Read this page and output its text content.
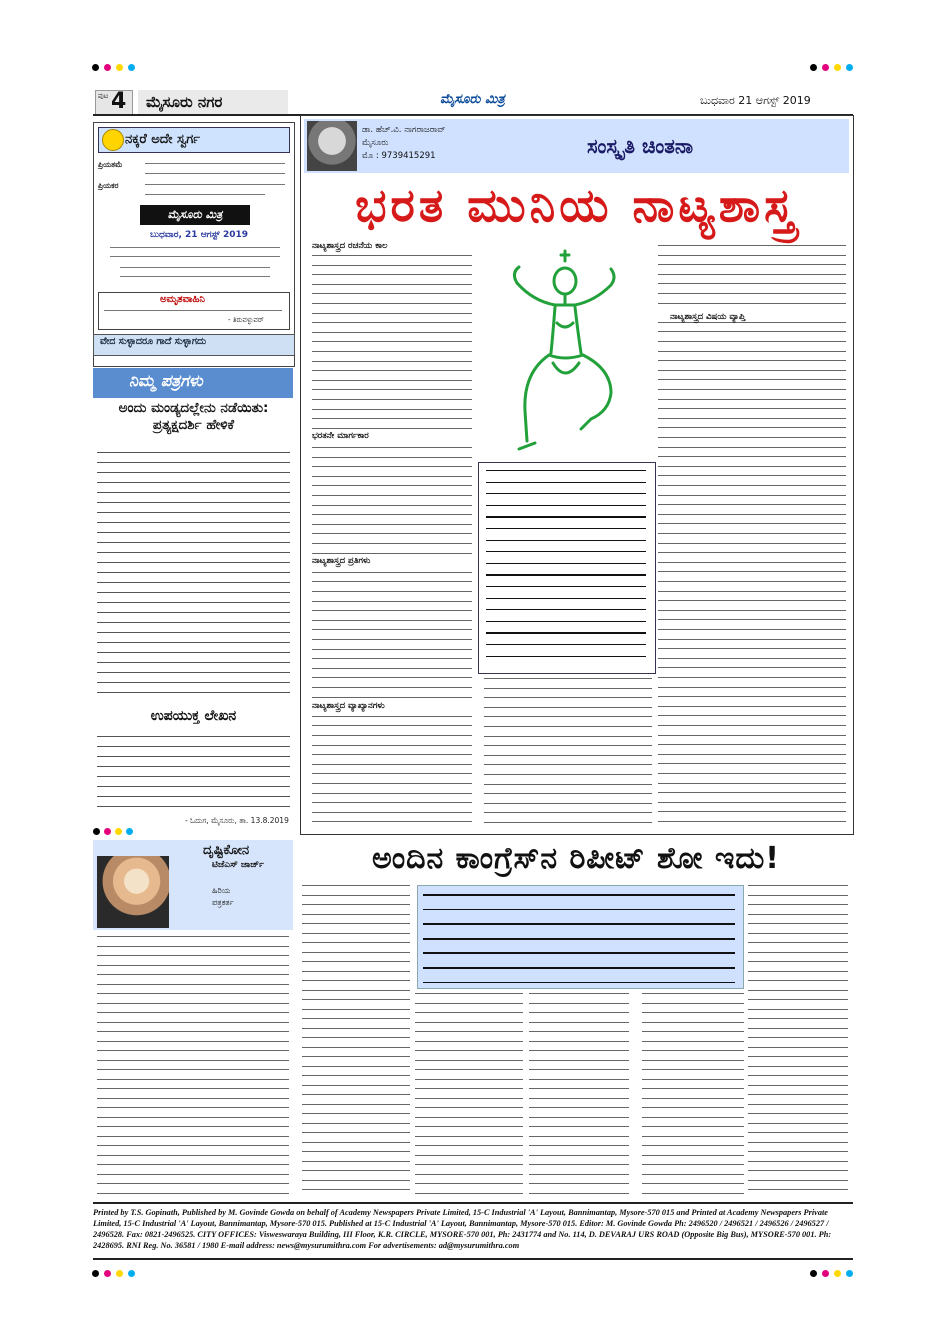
ಪುಟ 4	ಮೈಸೂರು ನಗರ	ಮೈಸೂರು ಮಿತ್ರ	ಬುಧವಾರ 21 ಆಗಸ್ಟ್ 2019
ನಕ್ಕರೆ ಅದೇ ಸ್ವರ್ಗ
ಪ್ರಿಯತಮೆ
ಪ್ರಿಯಕರ
ಮೈಸೂರು ಮಿತ್ರ
ಬುಧವಾರ, 21 ಆಗಸ್ಟ್ 2019
ಅಮೃತವಾಹಿನಿ
- ತಿರುವಳ್ಳುವರ್
ವೇದ ಸುಳ್ಳಾದರೂ ಗಾದೆ ಸುಳ್ಳಾಗದು
ನಿಮ್ಮ ಪತ್ರಗಳು
ಅಂದು ಮಂಡ್ಯದಲ್ಲೇನು ನಡೆಯಿತು: ಪ್ರತ್ಯಕ್ಷದರ್ಶಿ ಹೇಳಿಕೆ
ಉಪಯುಕ್ತ ಲೇಖನ
- ಓದುಗ, ಮೈಸೂರು, ತಾ. 13.8.2019
ಡಾ. ಹೆಚ್.ವಿ. ನಾಗರಾಜರಾವ್
ಮೈಸೂರು
ಮೊ : 9739415291	ಸಂಸ್ಕೃತಿ ಚಿಂತನಾ
ಭರತ ಮುನಿಯ ನಾಟ್ಯಶಾಸ್ತ್ರ
ನಾಟ್ಯಶಾಸ್ತ್ರದ ರಚನೆಯ ಕಾಲ
ಭರತನೇ ಮಾರ್ಗಕಾರ
ನಾಟ್ಯಶಾಸ್ತ್ರದ ಪ್ರತಿಗಳು
ನಾಟ್ಯಶಾಸ್ತ್ರದ ವ್ಯಾಖ್ಯಾನಗಳು
ನಾಟ್ಯಶಾಸ್ತ್ರದ ವಿಷಯ ವ್ಯಾಪ್ತಿ
ದೃಷ್ಟಿಕೋನ
ಟಿಜೆಎಸ್ ಜಾರ್ಜ್
ಹಿರಿಯ
ಪತ್ರಕರ್ತ
ಅಂದಿನ ಕಾಂಗ್ರೆಸ್‌ನ ರಿಪೀಟ್ ಶೋ ಇದು!
Printed by T.S. Gopinath, Published by M. Govinde Gowda on behalf of Academy Newspapers Private Limited, 15-C Industrial 'A' Layout, Bannimantap, Mysore-570 015 and Printed at Academy Newspapers Private Limited, 15-C Industrial 'A' Layout, Bannimantap, Mysore-570 015. Published at 15-C Industrial 'A' Layout, Bannimantap, Mysore-570 015. Editor: M. Govinde Gowda Ph: 2496520 / 2496521 / 2496526 / 2496527 / 2496528. Fax: 0821-2496525. CITY OFFICES: Visweswaraya Building, III Floor, K.R. CIRCLE, MYSORE-570 001, Ph: 2431774 and No. 114, D. DEVARAJ URS ROAD (Opposite Big Bus), MYSORE-570 001. Ph: 2428695. RNI Reg. No. 36581 / 1980 E-mail address: news@mysurumithra.com For advertisements: ad@mysurumithra.com
